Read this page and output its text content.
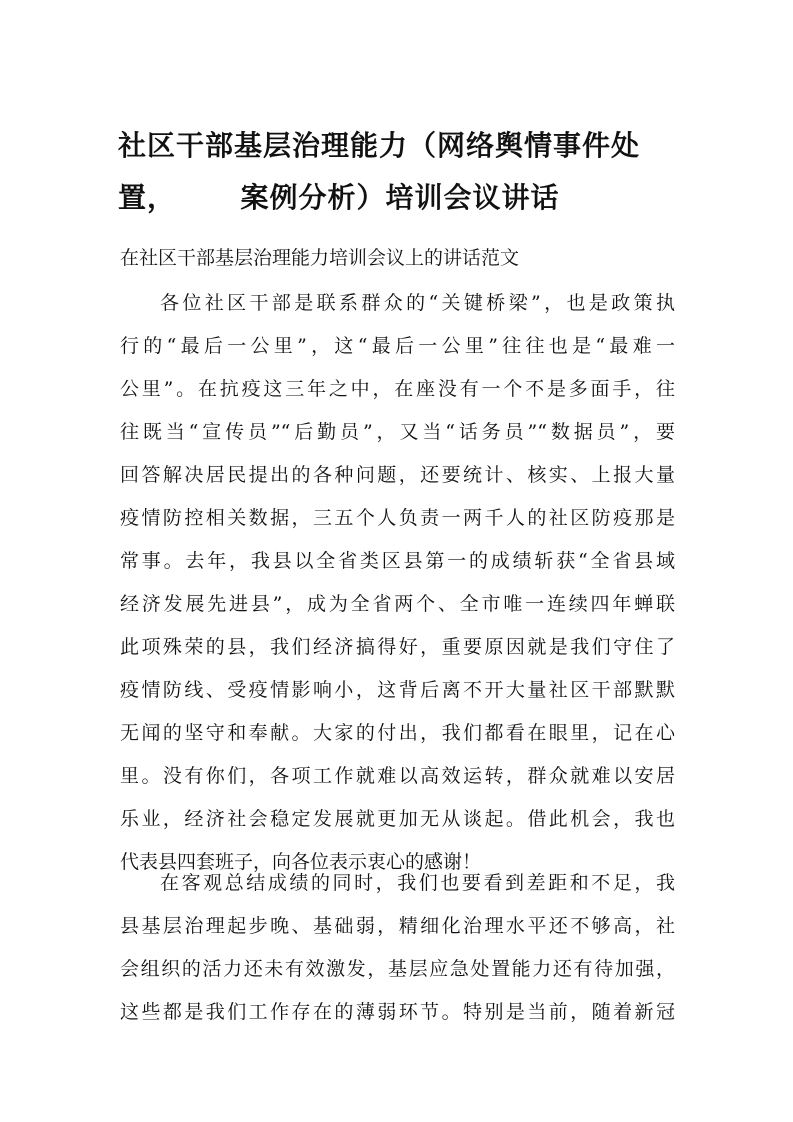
社区干部基层治理能力（网络舆情事件处置，	案例分析）培训会议讲话

在社区干部基层治理能力培训会议上的讲话范文

各位社区干部是联系群众的“关键桥梁”，也是政策执
行的“最后一公里”，这“最后一公里”往往也是“最难一
公里”。在抗疫这三年之中，在座没有一个不是多面手，往
往既当“宣传员”“后勤员”，又当“话务员”“数据员”，要
回答解决居民提出的各种问题，还要统计、核实、上报大量
疫情防控相关数据，三五个人负责一两千人的社区防疫那是
常事。去年，我县以全省类区县第一的成绩斩获“全省县域
经济发展先进县”，成为全省两个、全市唯一连续四年蝉联
此项殊荣的县，我们经济搞得好，重要原因就是我们守住了
疫情防线、受疫情影响小，这背后离不开大量社区干部默默
无闻的坚守和奉献。大家的付出，我们都看在眼里，记在心
里。没有你们，各项工作就难以高效运转，群众就难以安居
乐业，经济社会稳定发展就更加无从谈起。借此机会，我也
代表县四套班子，向各位表示衷心的感谢！
在客观总结成绩的同时，我们也要看到差距和不足，我
县基层治理起步晚、基础弱，精细化治理水平还不够高，社
会组织的活力还未有效激发，基层应急处置能力还有待加强，
这些都是我们工作存在的薄弱环节。特别是当前，随着新冠
